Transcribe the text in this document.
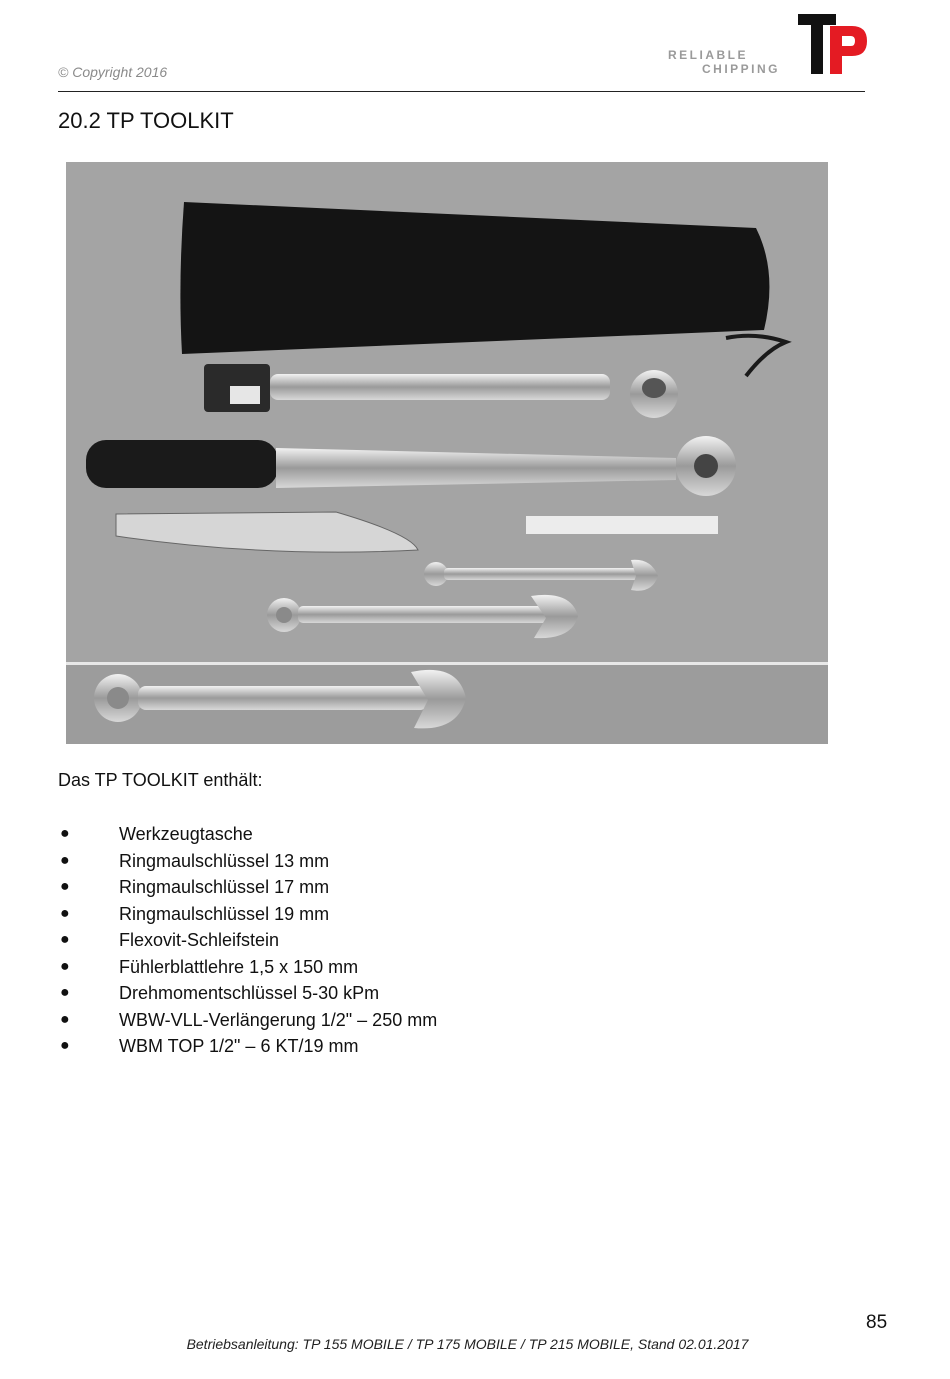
© Copyright 2016
RELIABLE
CHIPPING
20.2 TP TOOLKIT
Das TP TOOLKIT enthält:
●	Werkzeugtasche
●	Ringmaulschlüssel 13 mm
●	Ringmaulschlüssel 17 mm
●	Ringmaulschlüssel 19 mm
●	Flexovit-Schleifstein
●	Fühlerblattlehre 1,5 x 150 mm
●	Drehmomentschlüssel 5-30 kPm
●	WBW-VLL-Verlängerung 1/2" – 250 mm
●	WBM TOP 1/2" – 6 KT/19 mm
85
Betriebsanleitung: TP 155 MOBILE / TP 175 MOBILE / TP 215 MOBILE, Stand 02.01.2017
